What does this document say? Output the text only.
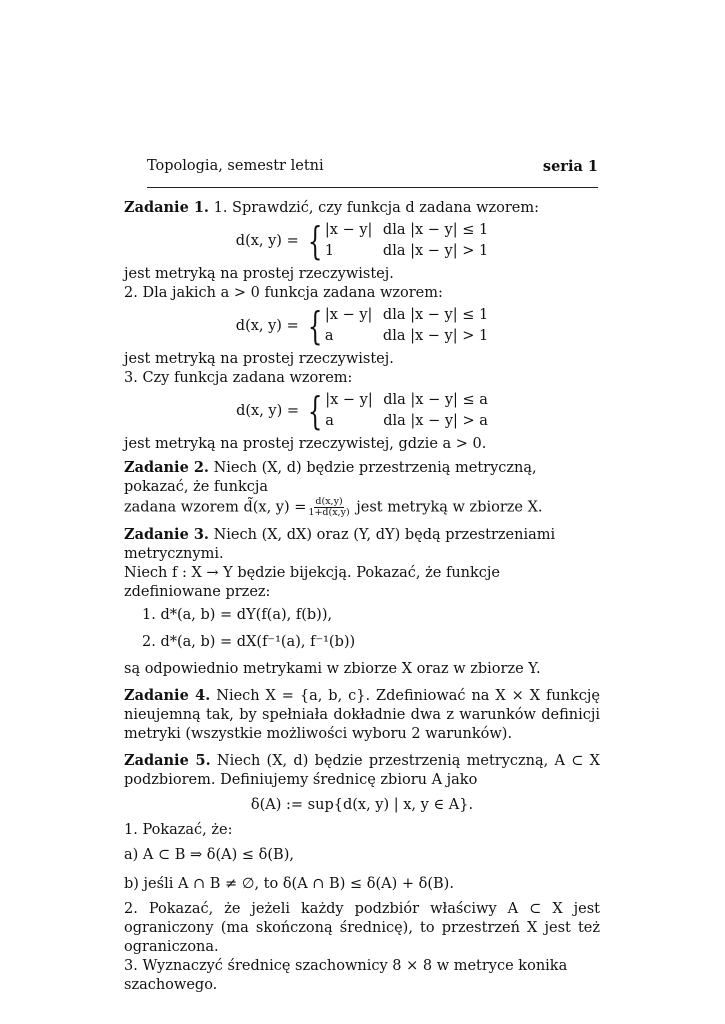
Topologia, semestr letni	seria 1

Zadanie 1. 1. Sprawdzić, czy funkcja d zadana wzorem:

d(x, y) = { |x − y| dla |x − y| ≤ 1
1	dla |x − y| > 1

jest metryką na prostej rzeczywistej.

2. Dla jakich a > 0 funkcja zadana wzorem:

d(x, y) = { |x − y| dla |x − y| ≤ 1
a	dla |x − y| > 1

jest metryką na prostej rzeczywistej.

3. Czy funkcja zadana wzorem:

d(x, y) = { |x − y| dla |x − y| ≤ a
a	dla |x − y| > a

jest metryką na prostej rzeczywistej, gdzie a > 0.

Zadanie 2. Niech (X, d) będzie przestrzenią metryczną, pokazać, że funkcja

zadana wzorem d̃(x, $y) = \frac{d(x,y)}{1+d(x,y)}$ jest metryką w zbiorze X.

Zadanie 3. Niech (X, dX) oraz (Y, dY) będą przestrzeniami metrycznymi.

Niech f : X → Y będzie bijekcją. Pokazać, że funkcje zdefiniowane przez:

1. d*(a, b) = dY(f(a), f(b)),
2. d*(a, b) = dX(f⁻¹(a), f⁻¹(b))

są odpowiednio metrykami w zbiorze X oraz w zbiorze Y.

Zadanie 4. Niech X = {a, b, c}. Zdefiniować na X × X funkcję nieujemną tak, by spełniała dokładnie dwa z warunków definicji metryki (wszystkie możliwości wyboru 2 warunków).

Zadanie 5. Niech (X, d) będzie przestrzenią metryczną, A ⊂ X podzbiorem. Definiujemy średnicę zbioru A jako

δ(A) := sup{d(x, y) | x, y ∈ A}.

1. Pokazać, że:

a) A ⊂ B ⇒ δ(A) ≤ δ(B),

b) jeśli A ∩ B ≠ ∅, to δ(A ∩ B) ≤ δ(A) + δ(B).

2. Pokazać, że jeżeli każdy podzbiór właściwy A ⊂ X jest ograniczony (ma skończoną średnicę), to przestrzeń X jest też ograniczona.

3. Wyznaczyć średnicę szachownicy 8 × 8 w metryce konika szachowego.
